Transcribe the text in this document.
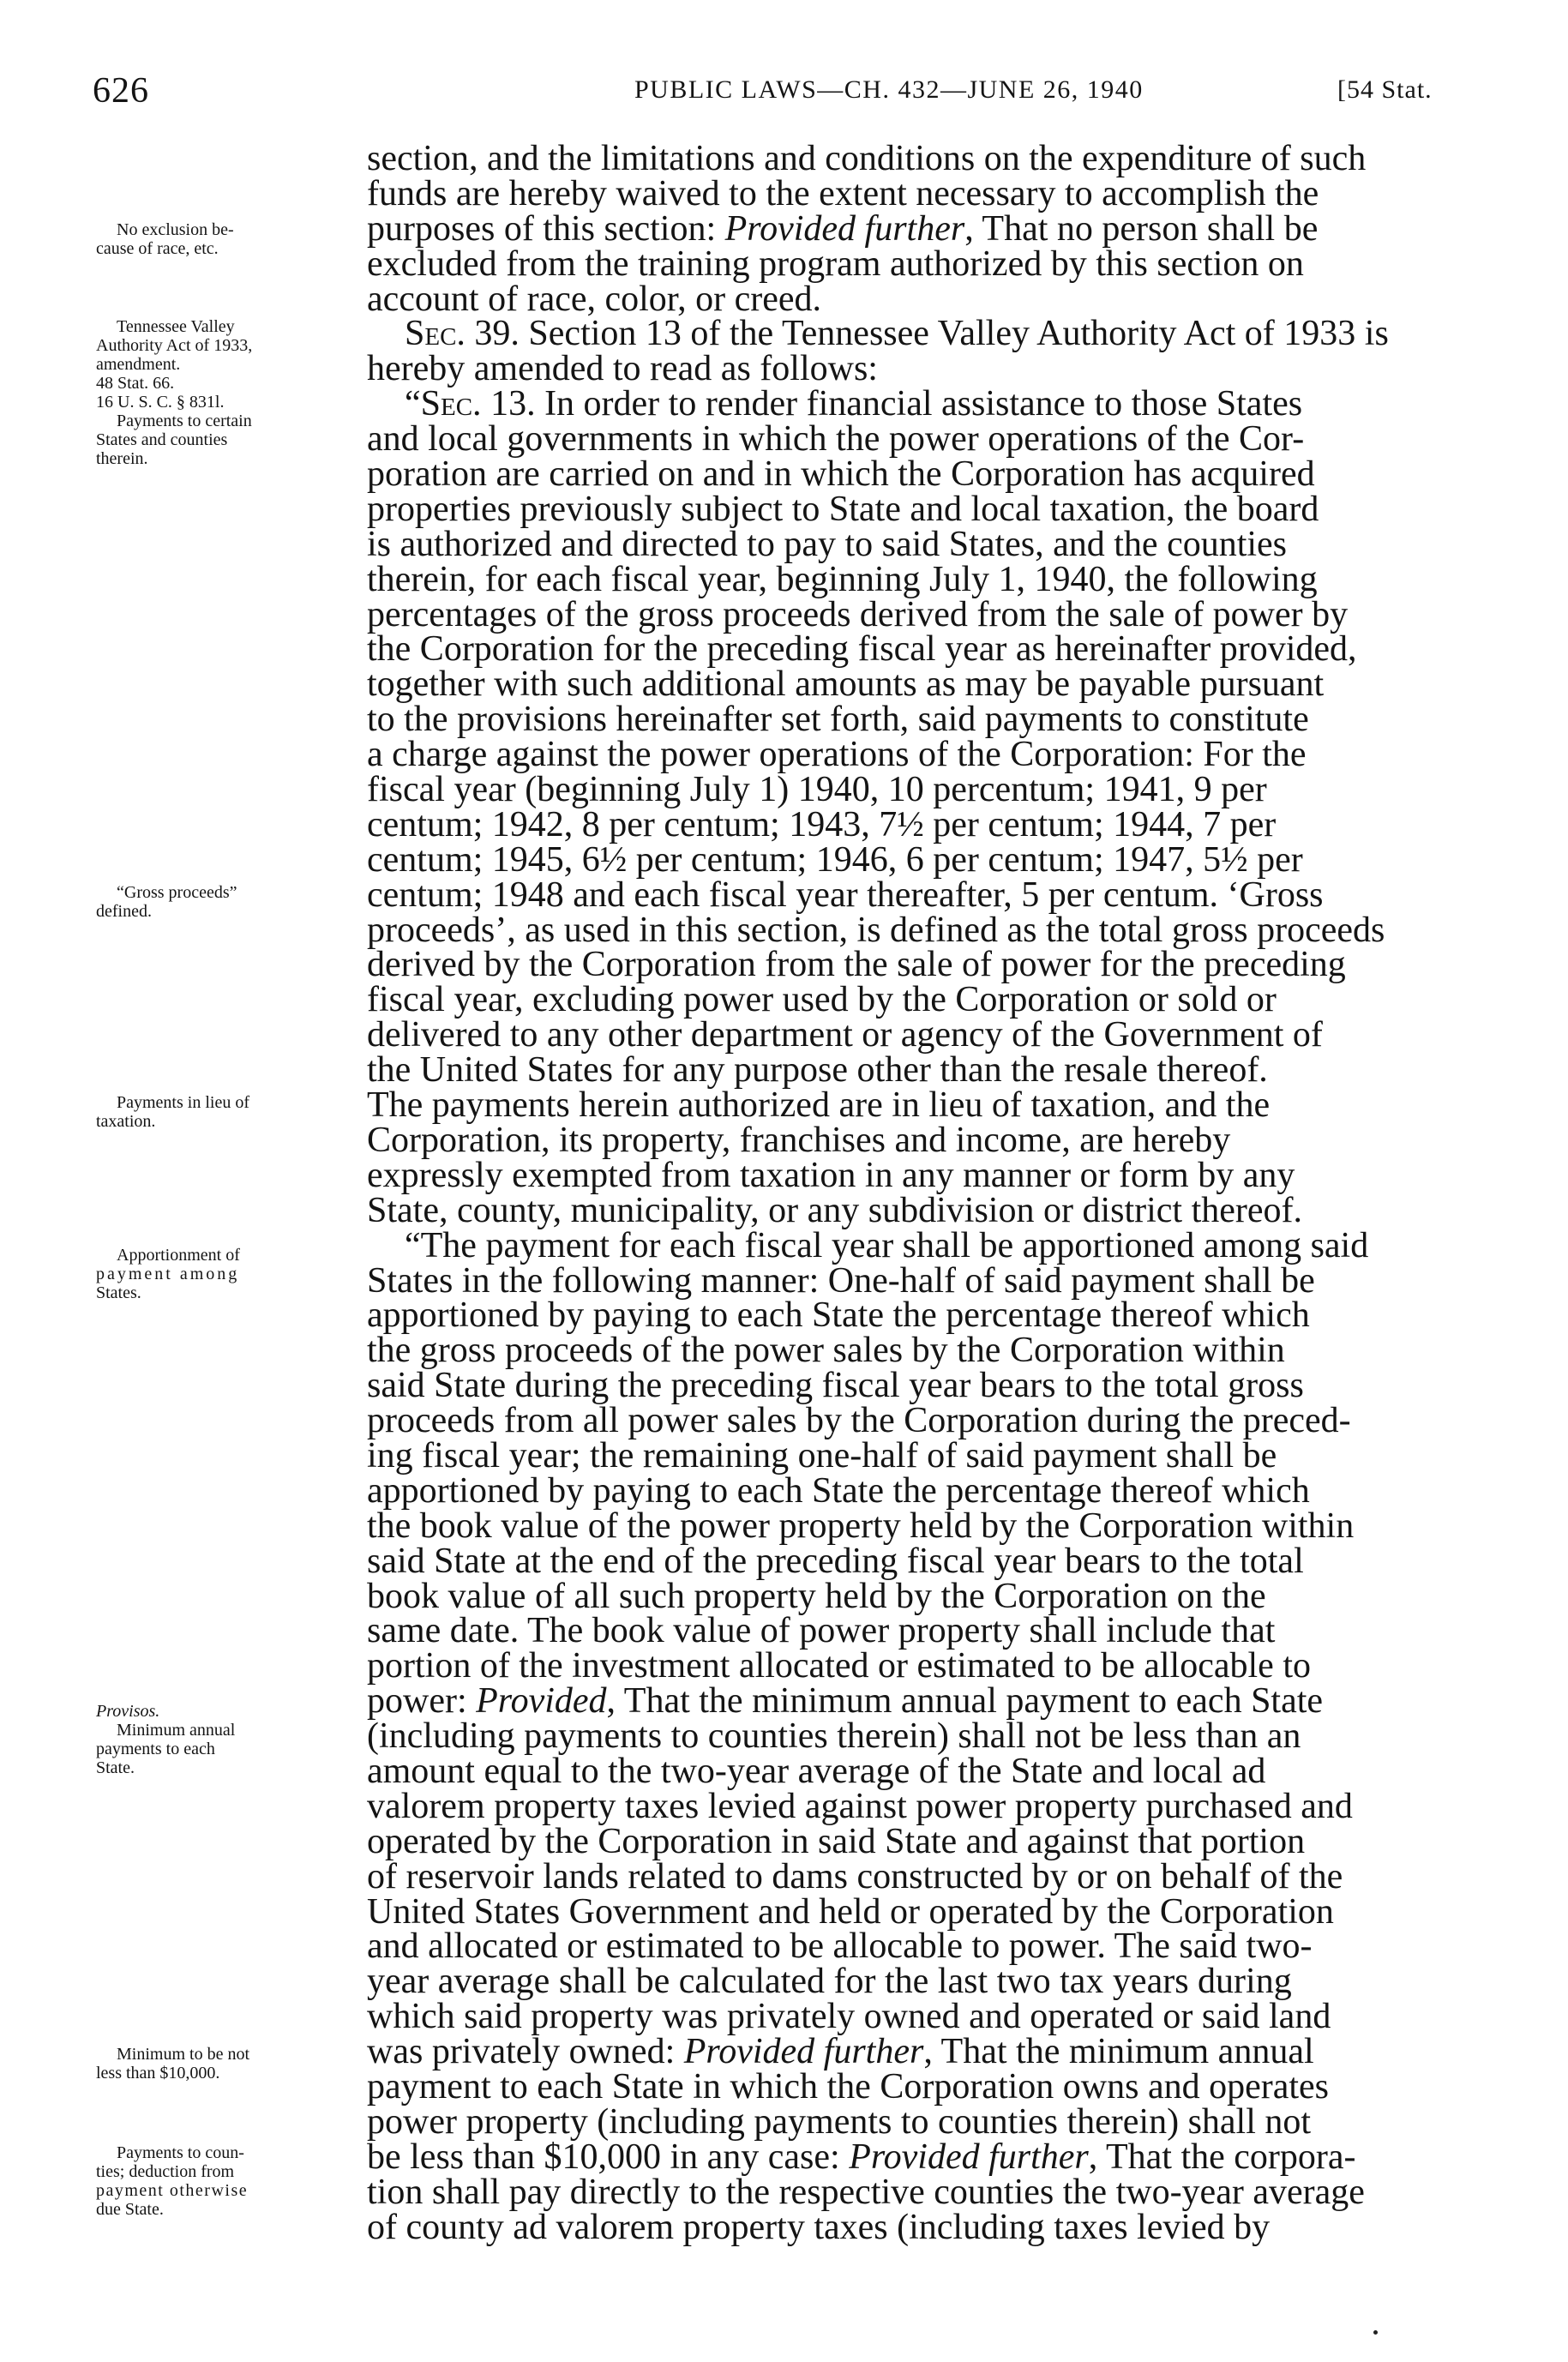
626	PUBLIC LAWS—CH. 432—JUNE 26, 1940	[54 Stat.
No exclusion be-
cause of race, etc.
Tennessee Valley
Authority Act of 1933,
amendment.
48 Stat. 66.
16 U. S. C. § 831l.
Payments to certain
States and counties
therein.
“Gross proceeds”
defined.
Payments in lieu of
taxation.
Apportionment of
payment among
States.
Provisos.
Minimum annual
payments to each
State.
Minimum to be not
less than $10,000.
Payments to coun-
ties; deduction from
payment otherwise
due State.
section, and the limitations and conditions on the expenditure of such
funds are hereby waived to the extent necessary to accomplish the
purposes of this section: Provided further, That no person shall be
excluded from the training program authorized by this section on
account of race, color, or creed.
Sec. 39. Section 13 of the Tennessee Valley Authority Act of 1933 is
hereby amended to read as follows:
“Sec. 13. In order to render financial assistance to those States
and local governments in which the power operations of the Cor-
poration are carried on and in which the Corporation has acquired
properties previously subject to State and local taxation, the board
is authorized and directed to pay to said States, and the counties
therein, for each fiscal year, beginning July 1, 1940, the following
percentages of the gross proceeds derived from the sale of power by
the Corporation for the preceding fiscal year as hereinafter provided,
together with such additional amounts as may be payable pursuant
to the provisions hereinafter set forth, said payments to constitute
a charge against the power operations of the Corporation: For the
fiscal year (beginning July 1) 1940, 10 percentum; 1941, 9 per
centum; 1942, 8 per centum; 1943, 7½ per centum; 1944, 7 per
centum; 1945, 6½ per centum; 1946, 6 per centum; 1947, 5½ per
centum; 1948 and each fiscal year thereafter, 5 per centum. ‘Gross
proceeds’, as used in this section, is defined as the total gross proceeds
derived by the Corporation from the sale of power for the preceding
fiscal year, excluding power used by the Corporation or sold or
delivered to any other department or agency of the Government of
the United States for any purpose other than the resale thereof.
The payments herein authorized are in lieu of taxation, and the
Corporation, its property, franchises and income, are hereby
expressly exempted from taxation in any manner or form by any
State, county, municipality, or any subdivision or district thereof.
“The payment for each fiscal year shall be apportioned among said
States in the following manner: One-half of said payment shall be
apportioned by paying to each State the percentage thereof which
the gross proceeds of the power sales by the Corporation within
said State during the preceding fiscal year bears to the total gross
proceeds from all power sales by the Corporation during the preced-
ing fiscal year; the remaining one-half of said payment shall be
apportioned by paying to each State the percentage thereof which
the book value of the power property held by the Corporation within
said State at the end of the preceding fiscal year bears to the total
book value of all such property held by the Corporation on the
same date. The book value of power property shall include that
portion of the investment allocated or estimated to be allocable to
power: Provided, That the minimum annual payment to each State
(including payments to counties therein) shall not be less than an
amount equal to the two-year average of the State and local ad
valorem property taxes levied against power property purchased and
operated by the Corporation in said State and against that portion
of reservoir lands related to dams constructed by or on behalf of the
United States Government and held or operated by the Corporation
and allocated or estimated to be allocable to power. The said two-
year average shall be calculated for the last two tax years during
which said property was privately owned and operated or said land
was privately owned: Provided further, That the minimum annual
payment to each State in which the Corporation owns and operates
power property (including payments to counties therein) shall not
be less than $10,000 in any case: Provided further, That the corpora-
tion shall pay directly to the respective counties the two-year average
of county ad valorem property taxes (including taxes levied by
